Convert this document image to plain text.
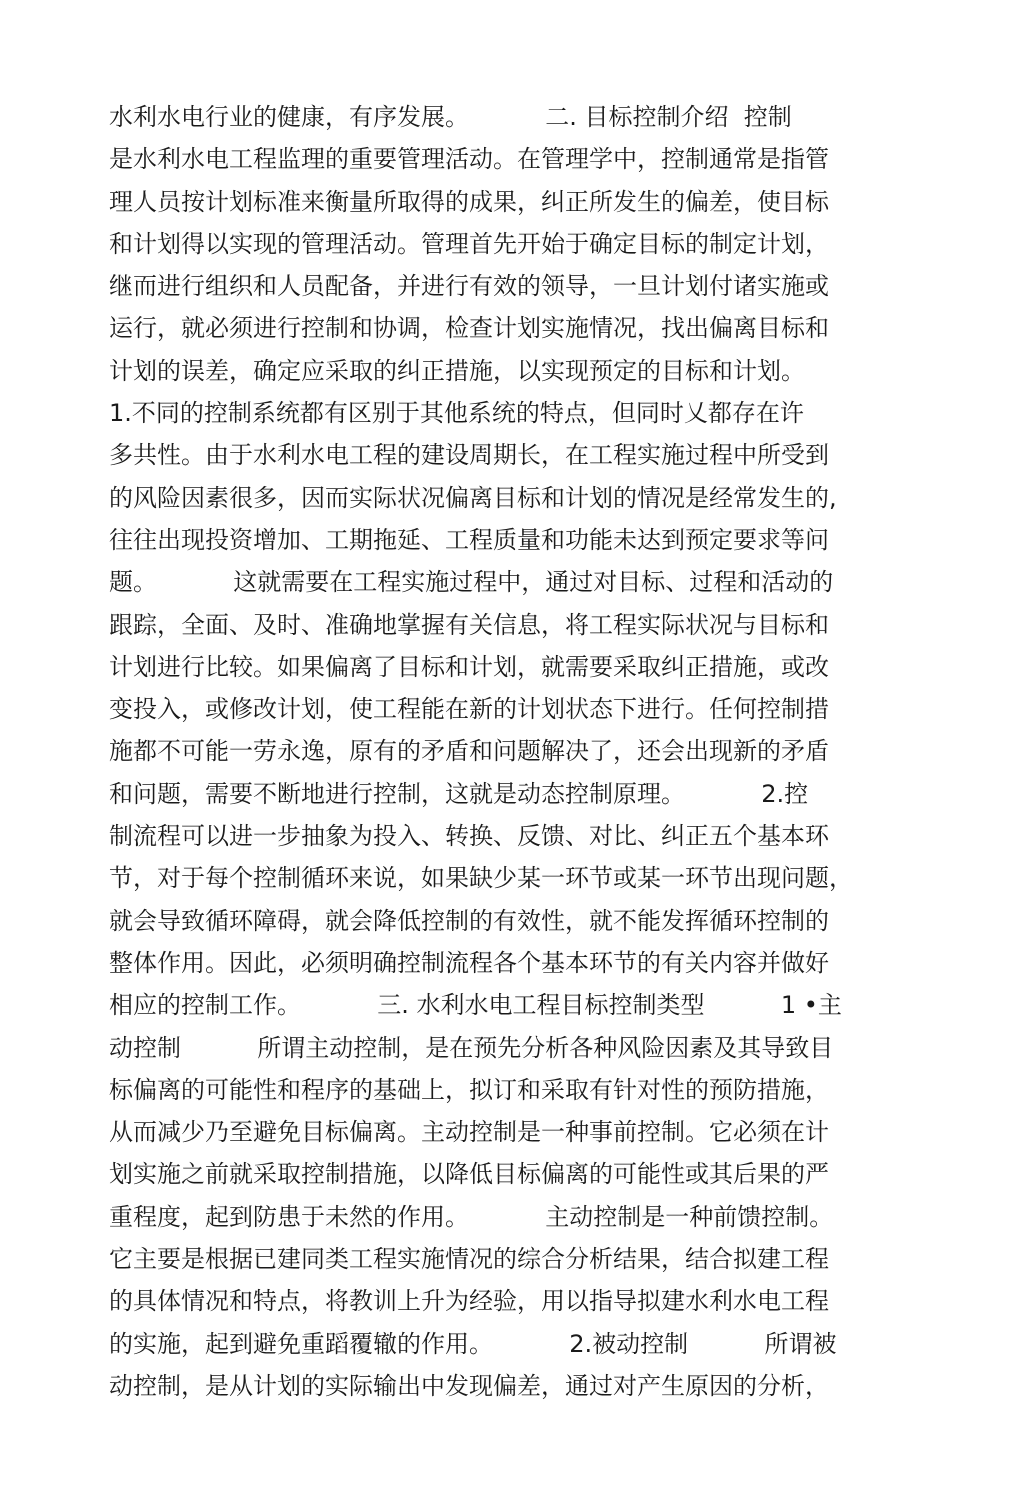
水利水电行业的健康，有序发展。          二. 目标控制介绍  控制
是水利水电工程监理的重要管理活动。在管理学中，控制通常是指管
理人员按计划标准来衡量所取得的成果，纠正所发生的偏差，使目标
和计划得以实现的管理活动。管理首先开始于确定目标的制定计划，
继而进行组织和人员配备，并进行有效的领导，一旦计划付诸实施或
运行，就必须进行控制和协调，检查计划实施情况，找出偏离目标和
计划的误差，确定应采取的纠正措施，以实现预定的目标和计划。
1.不同的控制系统都有区别于其他系统的特点，但同时乂都存在许
多共性。由于水利水电工程的建设周期长，在工程实施过程中所受到
的风险因素很多，因而实际状况偏离目标和计划的情况是经常发生的,
往往出现投资增加、工期拖延、工程质量和功能未达到预定要求等问
题。          这就需要在工程实施过程中，通过对目标、过程和活动的
跟踪，全面、及时、准确地掌握有关信息，将工程实际状况与目标和
计划进行比较。如果偏离了目标和计划，就需要采取纠正措施，或改
变投入，或修改计划，使工程能在新的计划状态下进行。任何控制措
施都不可能一劳永逸，原有的矛盾和问题解决了，还会出现新的矛盾
和问题，需要不断地进行控制，这就是动态控制原理。          2.控
制流程可以进一步抽象为投入、转换、反馈、对比、纠正五个基本环
节，对于每个控制循环来说，如果缺少某一环节或某一环节出现问题，
就会导致循环障碍，就会降低控制的有效性，就不能发挥循环控制的
整体作用。因此，必须明确控制流程各个基本环节的有关内容并做好
相应的控制工作。          三. 水利水电工程目标控制类型          1 •主
动控制          所谓主动控制，是在预先分析各种风险因素及其导致目
标偏离的可能性和程序的基础上，拟订和采取有针对性的预防措施，
从而减少乃至避免目标偏离。主动控制是一种事前控制。它必须在计
划实施之前就采取控制措施，以降低目标偏离的可能性或其后果的严
重程度，起到防患于未然的作用。          主动控制是一种前馈控制。
它主要是根据已建同类工程实施情况的综合分析结果，结合拟建工程
的具体情况和特点，将教训上升为经验，用以指导拟建水利水电工程
的实施，起到避免重蹈覆辙的作用。          2.被动控制          所谓被
动控制，是从计划的实际输出中发现偏差，通过对产生原因的分析，
